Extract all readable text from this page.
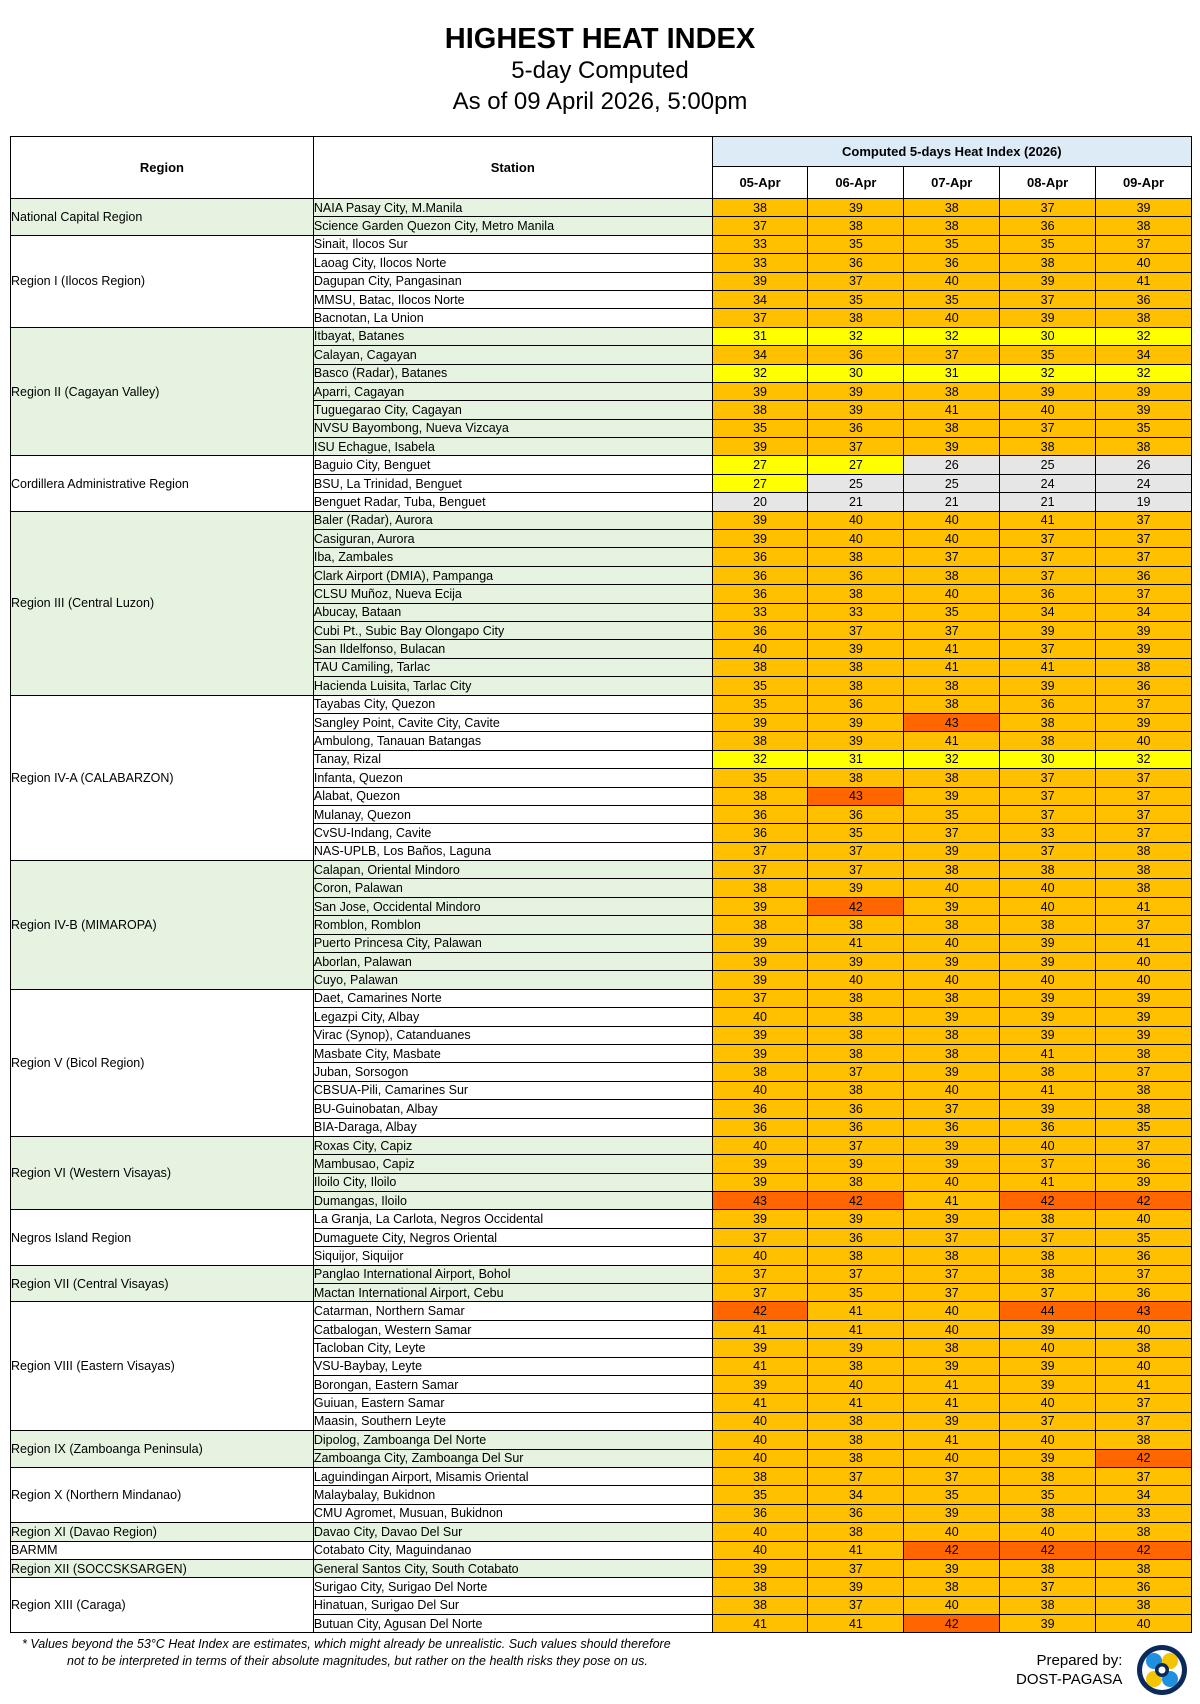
HIGHEST HEAT INDEX
5-day Computed
As of 09 April 2026, 5:00pm
Region	Station	Computed 5-days Heat Index (2026)				
		05-Apr	06-Apr	07-Apr	08-Apr	09-Apr
National Capital Region	NAIA Pasay City, M.Manila	38	39	38	37	39
	Science Garden Quezon City, Metro Manila	37	38	38	36	38
Region I (Ilocos Region)	Sinait, Ilocos Sur	33	35	35	35	37
	Laoag City, Ilocos Norte	33	36	36	38	40
	Dagupan City, Pangasinan	39	37	40	39	41
	MMSU, Batac, Ilocos Norte	34	35	35	37	36
	Bacnotan, La Union	37	38	40	39	38
Region II (Cagayan Valley)	Itbayat, Batanes	31	32	32	30	32
	Calayan, Cagayan	34	36	37	35	34
	Basco (Radar), Batanes	32	30	31	32	32
	Aparri, Cagayan	39	39	38	39	39
	Tuguegarao City, Cagayan	38	39	41	40	39
	NVSU Bayombong, Nueva Vizcaya	35	36	38	37	35
	ISU Echague, Isabela	39	37	39	38	38
Cordillera Administrative Region	Baguio City, Benguet	27	27	26	25	26
	BSU, La Trinidad, Benguet	27	25	25	24	24
	Benguet Radar, Tuba, Benguet	20	21	21	21	19
Region III (Central Luzon)	Baler (Radar), Aurora	39	40	40	41	37
	Casiguran, Aurora	39	40	40	37	37
	Iba, Zambales	36	38	37	37	37
	Clark Airport (DMIA), Pampanga	36	36	38	37	36
	CLSU Muñoz, Nueva Ecija	36	38	40	36	37
	Abucay, Bataan	33	33	35	34	34
	Cubi Pt., Subic Bay Olongapo City	36	37	37	39	39
	San Ildelfonso, Bulacan	40	39	41	37	39
	TAU Camiling, Tarlac	38	38	41	41	38
	Hacienda Luisita, Tarlac City	35	38	38	39	36
Region IV-A (CALABARZON)	Tayabas City, Quezon	35	36	38	36	37
	Sangley Point, Cavite City, Cavite	39	39	43	38	39
	Ambulong, Tanauan Batangas	38	39	41	38	40
	Tanay, Rizal	32	31	32	30	32
	Infanta, Quezon	35	38	38	37	37
	Alabat, Quezon	38	43	39	37	37
	Mulanay, Quezon	36	36	35	37	37
	CvSU-Indang, Cavite	36	35	37	33	37
	NAS-UPLB, Los Baños, Laguna	37	37	39	37	38
Region IV-B (MIMAROPA)	Calapan, Oriental Mindoro	37	37	38	38	38
	Coron, Palawan	38	39	40	40	38
	San Jose, Occidental Mindoro	39	42	39	40	41
	Romblon, Romblon	38	38	38	38	37
	Puerto Princesa City, Palawan	39	41	40	39	41
	Aborlan, Palawan	39	39	39	39	40
	Cuyo, Palawan	39	40	40	40	40
Region V (Bicol Region)	Daet, Camarines Norte	37	38	38	39	39
	Legazpi City, Albay	40	38	39	39	39
	Virac (Synop), Catanduanes	39	38	38	39	39
	Masbate City, Masbate	39	38	38	41	38
	Juban, Sorsogon	38	37	39	38	37
	CBSUA-Pili, Camarines Sur	40	38	40	41	38
	BU-Guinobatan, Albay	36	36	37	39	38
	BIA-Daraga, Albay	36	36	36	36	35
Region VI (Western Visayas)	Roxas City, Capiz	40	37	39	40	37
	Mambusao, Capiz	39	39	39	37	36
	Iloilo City, Iloilo	39	38	40	41	39
	Dumangas, Iloilo	43	42	41	42	42
Negros Island Region	La Granja, La Carlota, Negros Occidental	39	39	39	38	40
	Dumaguete City, Negros Oriental	37	36	37	37	35
	Siquijor, Siquijor	40	38	38	38	36
Region VII (Central Visayas)	Panglao International Airport, Bohol	37	37	37	38	37
	Mactan International Airport, Cebu	37	35	37	37	36
Region VIII (Eastern Visayas)	Catarman, Northern Samar	42	41	40	44	43
	Catbalogan, Western Samar	41	41	40	39	40
	Tacloban City, Leyte	39	39	38	40	38
	VSU-Baybay, Leyte	41	38	39	39	40
	Borongan, Eastern Samar	39	40	41	39	41
	Guiuan, Eastern Samar	41	41	41	40	37
	Maasin, Southern Leyte	40	38	39	37	37
Region IX (Zamboanga Peninsula)	Dipolog, Zamboanga Del Norte	40	38	41	40	38
	Zamboanga City, Zamboanga Del Sur	40	38	40	39	42
Region X (Northern Mindanao)	Laguindingan Airport, Misamis Oriental	38	37	37	38	37
	Malaybalay, Bukidnon	35	34	35	35	34
	CMU Agromet, Musuan, Bukidnon	36	36	39	38	33
Region XI (Davao Region)	Davao City, Davao Del Sur	40	38	40	40	38
BARMM	Cotabato City, Maguindanao	40	41	42	42	42
Region XII (SOCCSKSARGEN)	General Santos City, South Cotabato	39	37	39	38	38
Region XIII (Caraga)	Surigao City, Surigao Del Norte	38	39	38	37	36
	Hinatuan, Surigao Del Sur	38	37	40	38	38
	Butuan City, Agusan Del Norte	41	41	42	39	40
* Values beyond the 53°C Heat Index are estimates, which might already be unrealistic. Such values should therefore
not to be interpreted in terms of their absolute magnitudes, but rather on the health risks they pose on us.	Prepared by:
DOST-PAGASA
